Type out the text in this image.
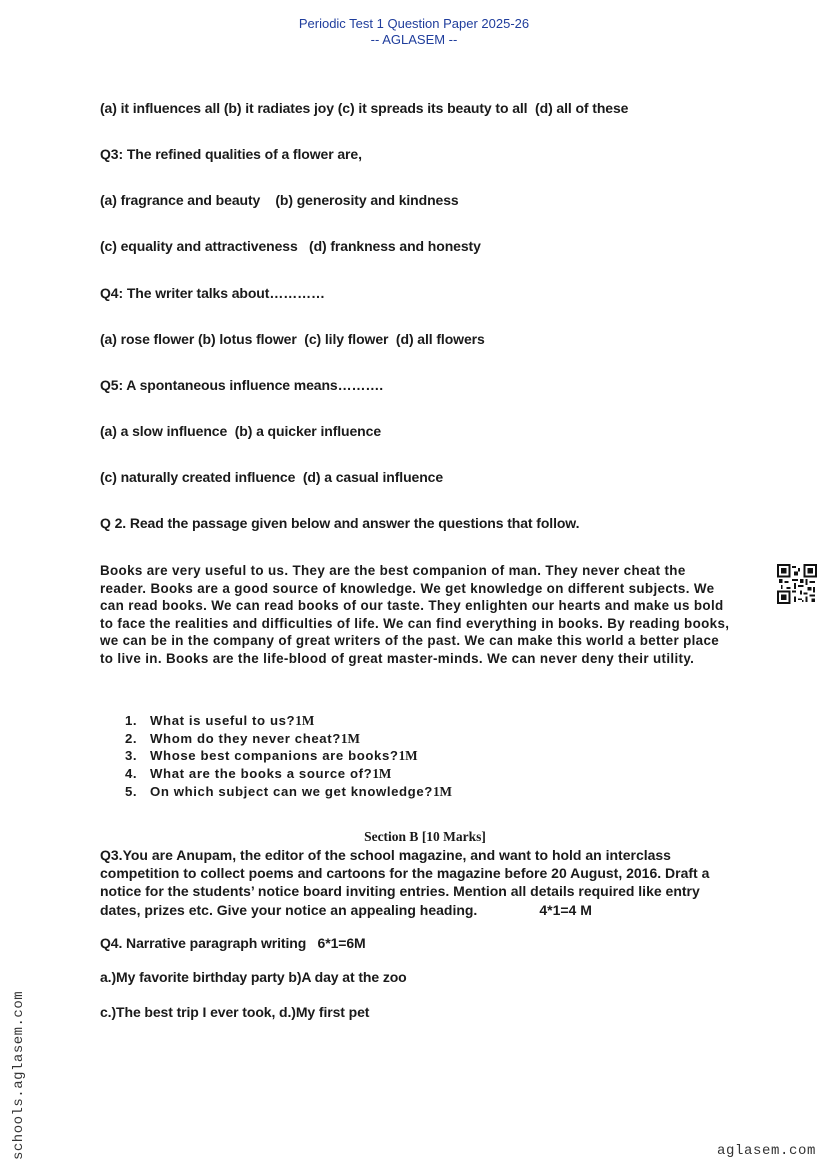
Periodic Test 1 Question Paper 2025-26
-- AGLASEM --
(a) it influences all (b) it radiates joy (c) it spreads its beauty to all  (d) all of these
Q3: The refined qualities of a flower are,
(a) fragrance and beauty    (b) generosity and kindness
(c) equality and attractiveness   (d) frankness and honesty
Q4: The writer talks about…………
(a) rose flower (b) lotus flower  (c) lily flower  (d) all flowers
Q5: A spontaneous influence means……….
(a) a slow influence  (b) a quicker influence
(c) naturally created influence  (d) a casual influence
Q 2. Read the passage given below and answer the questions that follow.
Books are very useful to us. They are the best companion of man. They never cheat the reader. Books are a good source of knowledge. We get knowledge on different subjects. We can read books. We can read books of our taste. They enlighten our hearts and make us bold to face the realities and difficulties of life. We can find everything in books. By reading books, we can be in the company of great writers of the past. We can make this world a better place to live in. Books are the life-blood of great master-minds. We can never deny their utility.
1. What is useful to us?1M
2. Whom do they never cheat?1M
3. Whose best companions are books?1M
4. What are the books a source of?1M
5. On which subject can we get knowledge?1M
Section B [10 Marks]
Q3.You are Anupam, the editor of the school magazine, and want to hold an interclass competition to collect poems and cartoons for the magazine before 20 August, 2016. Draft a notice for the students’ notice board inviting entries. Mention all details required like entry dates, prizes etc. Give your notice an appealing heading.	4*1=4 M
Q4. Narrative paragraph writing   6*1=6M
a.)My favorite birthday party b)A day at the zoo
c.)The best trip I ever took, d.)My first pet
schools.aglasem.com	aglasem.com
